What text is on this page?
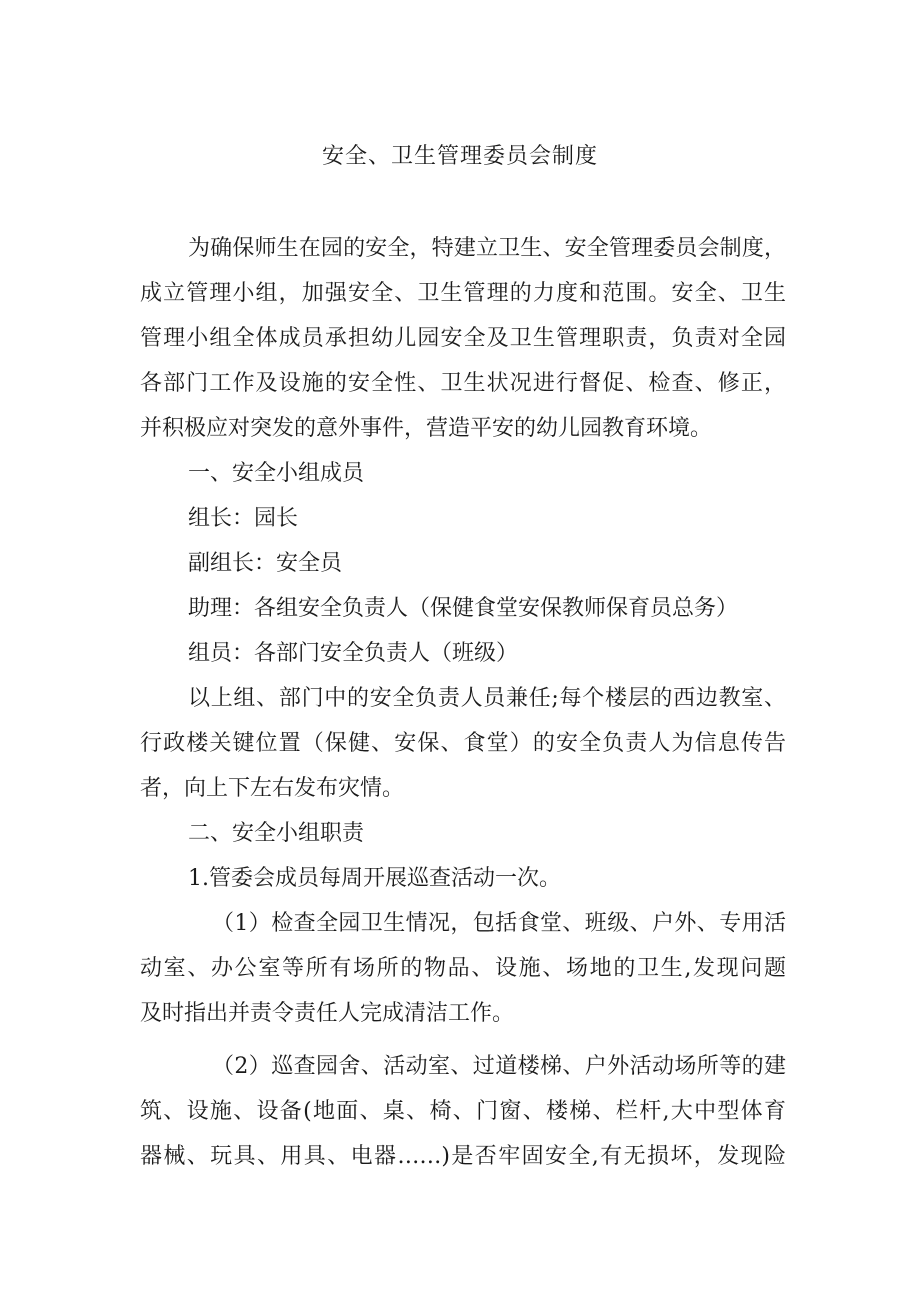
安全、卫生管理委员会制度
为确保师生在园的安全，特建立卫生、安全管理委员会制度，
成立管理小组，加强安全、卫生管理的力度和范围。安全、卫生
管理小组全体成员承担幼儿园安全及卫生管理职责，负责对全园
各部门工作及设施的安全性、卫生状况进行督促、检查、修正，
并积极应对突发的意外事件，营造平安的幼儿园教育环境。
一、安全小组成员
组长：园长
副组长：安全员
助理：各组安全负责人（保健食堂安保教师保育员总务）
组员：各部门安全负责人（班级）
以上组、部门中的安全负责人员兼任;每个楼层的西边教室、
行政楼关键位置（保健、安保、食堂）的安全负责人为信息传告
者，向上下左右发布灾情。
二、安全小组职责
1.管委会成员每周开展巡查活动一次。
（1）检查全园卫生情况，包括食堂、班级、户外、专用活
动室、办公室等所有场所的物品、设施、场地的卫生,发现问题
及时指出并责令责任人完成清洁工作。
（2）巡查园舍、活动室、过道楼梯、户外活动场所等的建
筑、设施、设备(地面、桌、椅、门窗、楼梯、栏杆,大中型体育
器械、玩具、用具、电器……)是否牢固安全,有无损坏，发现险
